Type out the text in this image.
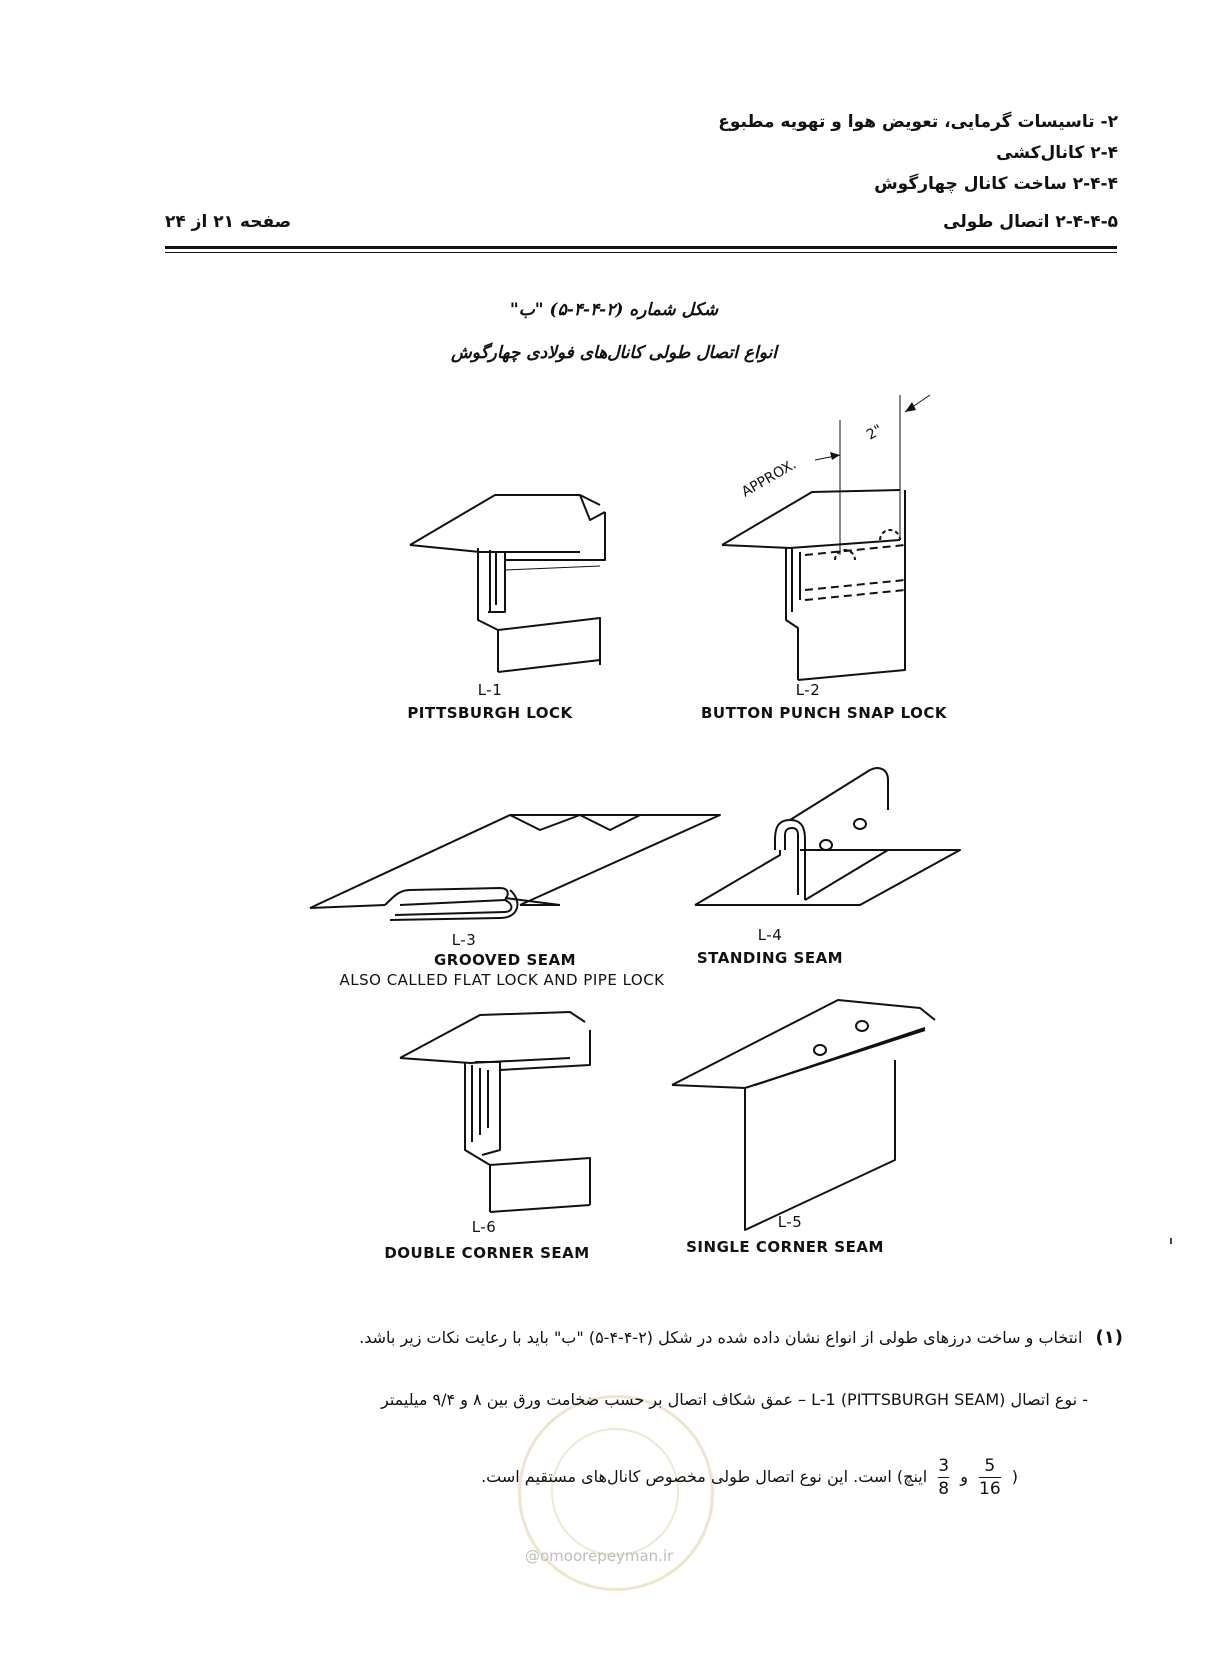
۲- تاسیسات گرمایی، تعویض هوا و تهویه مطبوع
۲-۴ کانال‌کشی
۲-۴-۴ ساخت کانال چهارگوش
۲-۴-۴-۵ اتصال طولی
صفحه ۲۱ از ۲۴
شکل شماره (۲-۴-۴-۵) "ب"
انواع اتصال طولی کانال‌های فولادی چهارگوش
APPROX.
2"
L-1
PITTSBURGH LOCK
L-2
BUTTON PUNCH SNAP LOCK
L-3
GROOVED SEAM
ALSO CALLED FLAT LOCK AND PIPE LOCK
L-4
STANDING SEAM
L-6
DOUBLE CORNER SEAM
L-5
SINGLE CORNER SEAM
@omoorepeyman.ir
(۱) انتخاب و ساخت درزهای طولی از انواع نشان داده شده در شکل (۲-۴-۴-۵) "ب" باید با رعایت نکات زیر باشد.
- نوع اتصال L-1 (PITTSBURGH SEAM) – عمق شکاف اتصال بر حسب ضخامت ورق بین ۸ و ۹/۴ میلیمتر
(
$\frac{5}{16}$
و
$\frac{3}{8}$
اینچ) است. این نوع اتصال طولی مخصوص کانال‌های مستقیم است.
